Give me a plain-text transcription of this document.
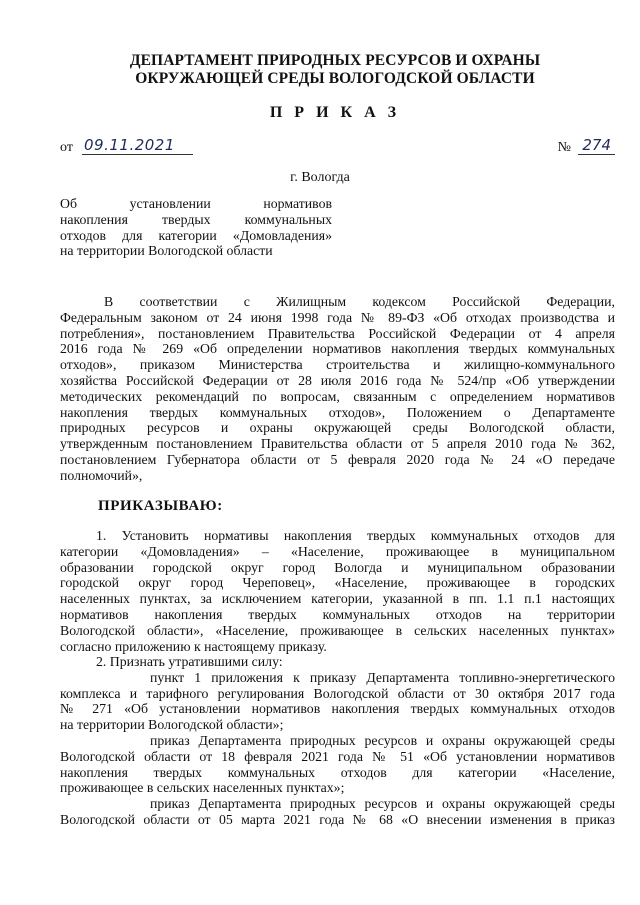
ДЕПАРТАМЕНТ ПРИРОДНЫХ РЕСУРСОВ И ОХРАНЫ
ОКРУЖАЮЩЕЙ СРЕДЫ ВОЛОГОДСКОЙ ОБЛАСТИ
П Р И К А З
от 09.11.2021	№ 274
г. Вологда
Об установлении нормативов
накопления твердых коммунальных
отходов для категории «Домовладения»
на территории Вологодской области
В соответствии с Жилищным кодексом Российской Федерации,
Федеральным законом от 24 июня 1998 года № 89-ФЗ «Об отходах производства и
потребления», постановлением Правительства Российской Федерации от 4 апреля
2016 года № 269 «Об определении нормативов накопления твердых коммунальных
отходов», приказом Министерства строительства и жилищно-коммунального
хозяйства Российской Федерации от 28 июля 2016 года № 524/пр «Об утверждении
методических рекомендаций по вопросам, связанным с определением нормативов
накопления твердых коммунальных отходов», Положением о Департаменте
природных ресурсов и охраны окружающей среды Вологодской области,
утвержденным постановлением Правительства области от 5 апреля 2010 года № 362,
постановлением Губернатора области от 5 февраля 2020 года № 24 «О передаче
полномочий»,
ПРИКАЗЫВАЮ:
1. Установить нормативы накопления твердых коммунальных отходов для
категории «Домовладения» – «Население, проживающее в муниципальном
образовании городской округ город Вологда и муниципальном образовании
городской округ город Череповец», «Население, проживающее в городских
населенных пунктах, за исключением категории, указанной в пп. 1.1 п.1 настоящих
нормативов накопления твердых коммунальных отходов на территории
Вологодской области», «Население, проживающее в сельских населенных пунктах»
согласно приложению к настоящему приказу.
2. Признать утратившими силу:
пункт 1 приложения к приказу Департамента топливно-энергетического
комплекса и тарифного регулирования Вологодской области от 30 октября 2017 года
№ 271 «Об установлении нормативов накопления твердых коммунальных отходов
на территории Вологодской области»;
приказ Департамента природных ресурсов и охраны окружающей среды
Вологодской области от 18 февраля 2021 года № 51 «Об установлении нормативов
накопления твердых коммунальных отходов для категории «Население,
проживающее в сельских населенных пунктах»;
приказ Департамента природных ресурсов и охраны окружающей среды
Вологодской области от 05 марта 2021 года № 68 «О внесении изменения в приказ
